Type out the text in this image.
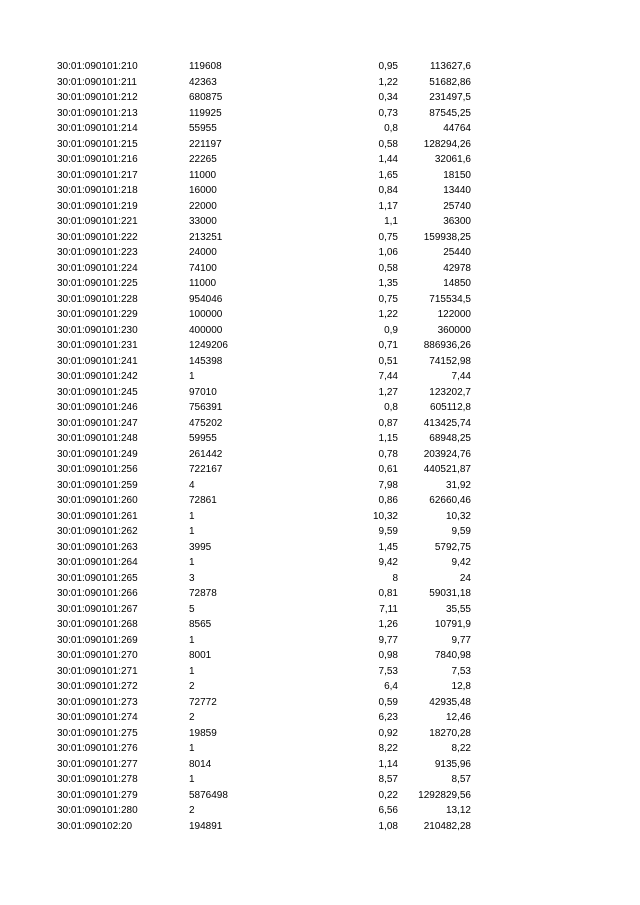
30:01:090101:210	119608	0,95	113627,6
30:01:090101:211	42363	1,22	51682,86
30:01:090101:212	680875	0,34	231497,5
30:01:090101:213	119925	0,73	87545,25
30:01:090101:214	55955	0,8	44764
30:01:090101:215	221197	0,58	128294,26
30:01:090101:216	22265	1,44	32061,6
30:01:090101:217	11000	1,65	18150
30:01:090101:218	16000	0,84	13440
30:01:090101:219	22000	1,17	25740
30:01:090101:221	33000	1,1	36300
30:01:090101:222	213251	0,75	159938,25
30:01:090101:223	24000	1,06	25440
30:01:090101:224	74100	0,58	42978
30:01:090101:225	11000	1,35	14850
30:01:090101:228	954046	0,75	715534,5
30:01:090101:229	100000	1,22	122000
30:01:090101:230	400000	0,9	360000
30:01:090101:231	1249206	0,71	886936,26
30:01:090101:241	145398	0,51	74152,98
30:01:090101:242	1	7,44	7,44
30:01:090101:245	97010	1,27	123202,7
30:01:090101:246	756391	0,8	605112,8
30:01:090101:247	475202	0,87	413425,74
30:01:090101:248	59955	1,15	68948,25
30:01:090101:249	261442	0,78	203924,76
30:01:090101:256	722167	0,61	440521,87
30:01:090101:259	4	7,98	31,92
30:01:090101:260	72861	0,86	62660,46
30:01:090101:261	1	10,32	10,32
30:01:090101:262	1	9,59	9,59
30:01:090101:263	3995	1,45	5792,75
30:01:090101:264	1	9,42	9,42
30:01:090101:265	3	8	24
30:01:090101:266	72878	0,81	59031,18
30:01:090101:267	5	7,11	35,55
30:01:090101:268	8565	1,26	10791,9
30:01:090101:269	1	9,77	9,77
30:01:090101:270	8001	0,98	7840,98
30:01:090101:271	1	7,53	7,53
30:01:090101:272	2	6,4	12,8
30:01:090101:273	72772	0,59	42935,48
30:01:090101:274	2	6,23	12,46
30:01:090101:275	19859	0,92	18270,28
30:01:090101:276	1	8,22	8,22
30:01:090101:277	8014	1,14	9135,96
30:01:090101:278	1	8,57	8,57
30:01:090101:279	5876498	0,22 1292829,56
30:01:090101:280	2	6,56	13,12
30:01:090102:20	194891	1,08	210482,28
